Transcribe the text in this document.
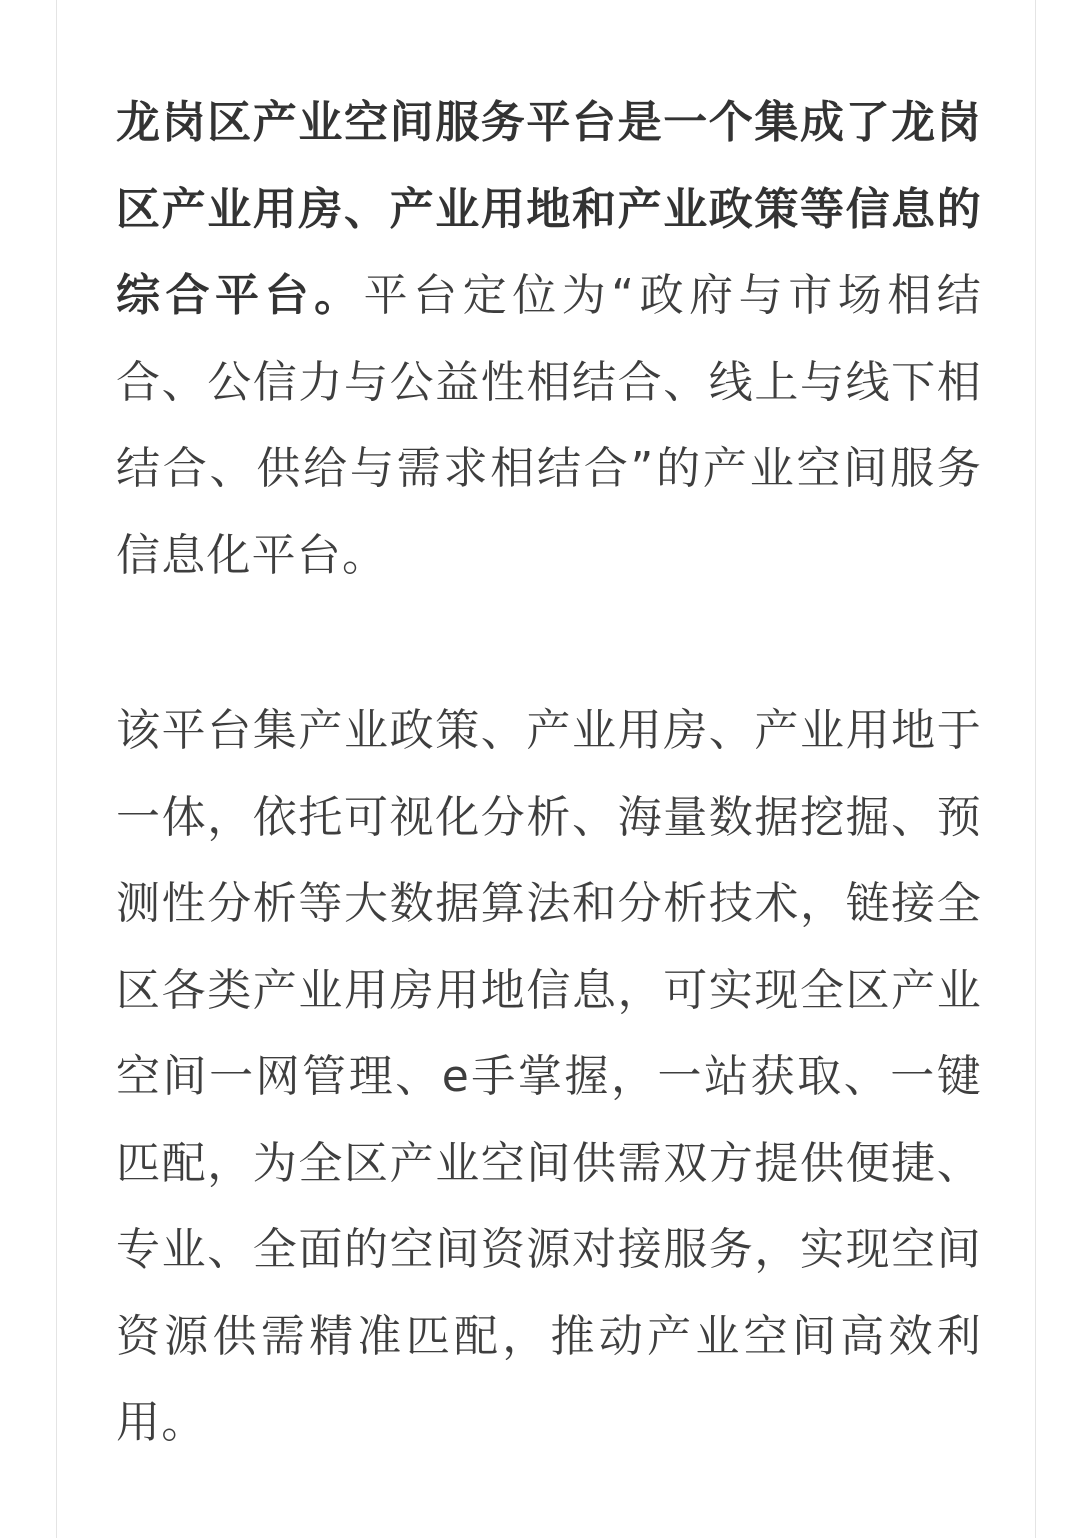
龙岗区产业空间服务平台是一个集成了龙岗区产业用房、产业用地和产业政策等信息的综合平台。平台定位为“政府与市场相结合、公信力与公益性相结合、线上与线下相结合、供给与需求相结合”的产业空间服务信息化平台。

该平台集产业政策、产业用房、产业用地于一体，依托可视化分析、海量数据挖掘、预测性分析等大数据算法和分析技术，链接全区各类产业用房用地信息，可实现全区产业空间一网管理、e手掌握，一站获取、一键匹配，为全区产业空间供需双方提供便捷、专业、全面的空间资源对接服务，实现空间资源供需精准匹配，推动产业空间高效利用。
